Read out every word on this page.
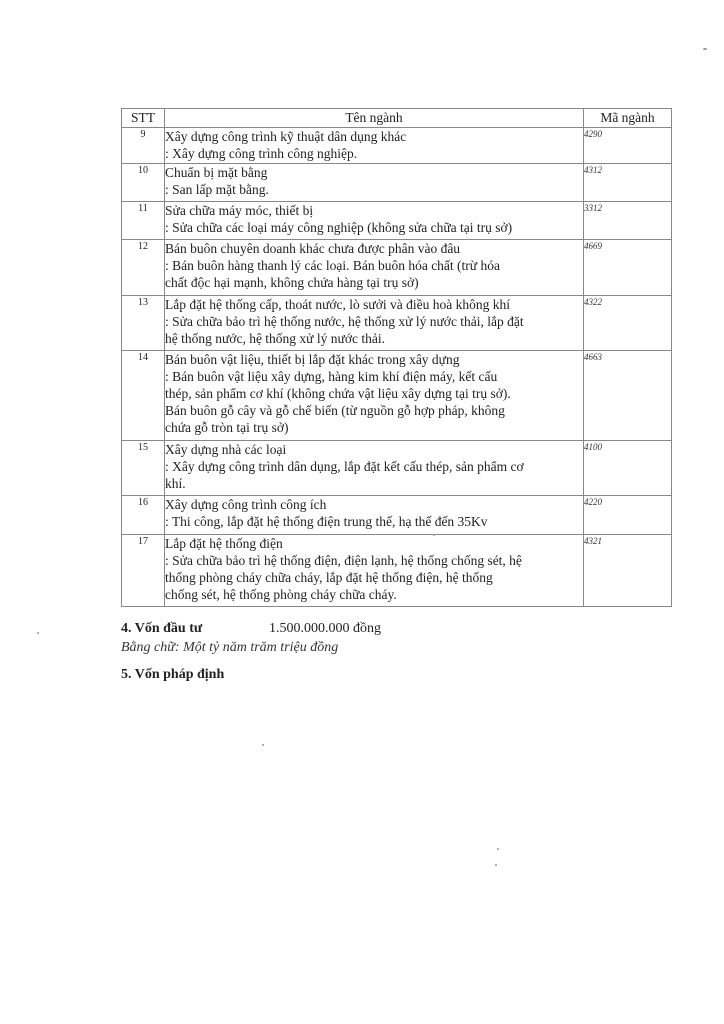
STT	Tên ngành	Mã ngành
9	Xây dựng công trình kỹ thuật dân dụng khác
: Xây dựng công trình công nghiệp.	4290
10	Chuẩn bị mặt bằng
: San lấp mặt bằng.	4312
11	Sửa chữa máy móc, thiết bị
: Sửa chữa các loại máy công nghiệp (không sửa chữa tại trụ sở)	3312
12	Bán buôn chuyên doanh khác chưa được phân vào đâu
: Bán buôn hàng thanh lý các loại. Bán buôn hóa chất (trừ hóa
chất độc hại mạnh, không chứa hàng tại trụ sở)	4669
13	Lắp đặt hệ thống cấp, thoát nước, lò sưởi và điều hoà không khí
: Sửa chữa bảo trì hệ thống nước, hệ thống xử lý nước thải, lắp đặt
hệ thống nước, hệ thống xử lý nước thải.	4322
14	Bán buôn vật liệu, thiết bị lắp đặt khác trong xây dựng
: Bán buôn vật liệu xây dựng, hàng kim khí điện máy, kết cấu
thép, sản phẩm cơ khí (không chứa vật liệu xây dựng tại trụ sở).
Bán buôn gỗ cây và gỗ chế biến (từ nguồn gỗ hợp pháp, không
chứa gỗ tròn tại trụ sở)	4663
15	Xây dựng nhà các loại
: Xây dựng công trình dân dụng, lắp đặt kết cấu thép, sản phẩm cơ
khí.	4100
16	Xây dựng công trình công ích
: Thi công, lắp đặt hệ thống điện trung thế, hạ thế đến 35Kv	4220
17	Lắp đặt hệ thống điện
: Sửa chữa bảo trì hệ thống điện, điện lạnh, hệ thống chống sét, hệ
thống phòng cháy chữa cháy, lắp đặt hệ thống điện, hệ thống
chống sét, hệ thống phòng cháy chữa cháy.	4321
4. Vốn đầu tư	1.500.000.000 đồng
Bằng chữ: Một tỷ năm trăm triệu đồng
5. Vốn pháp định
